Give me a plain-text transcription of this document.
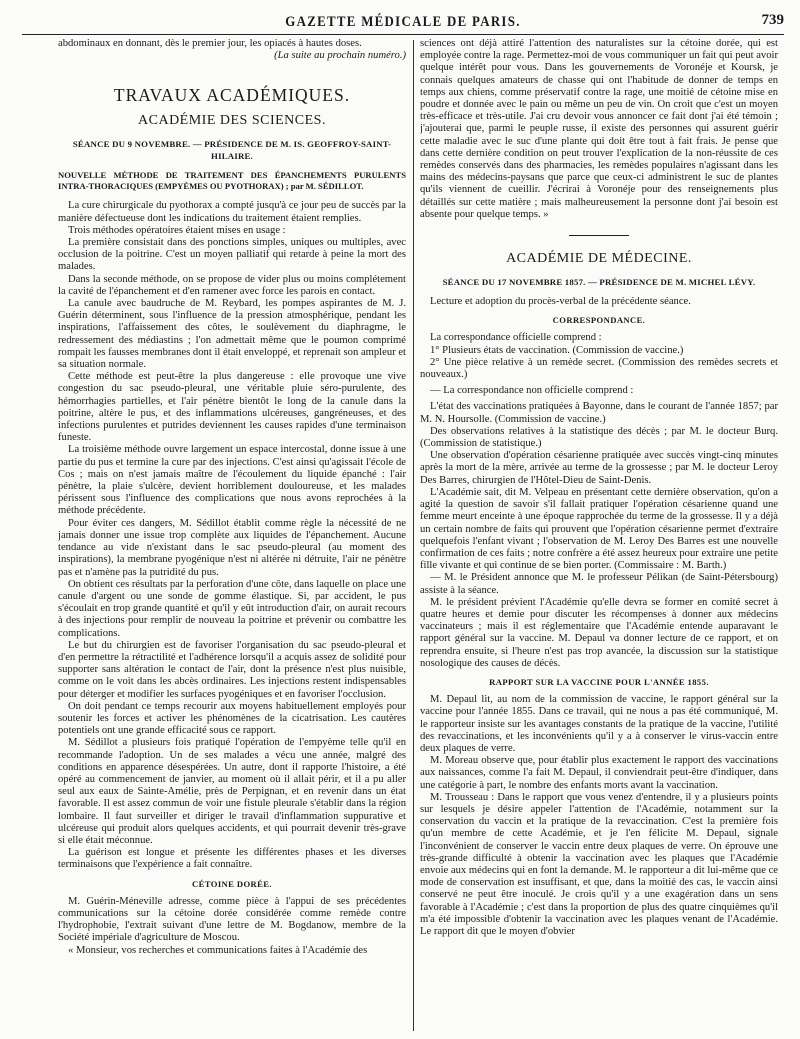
GAZETTE MÉDICALE DE PARIS.	739

abdominaux en donnant, dès le premier jour, les opiacés à hautes doses.

(La suite au prochain numéro.)

TRAVAUX ACADÉMIQUES.
ACADÉMIE DES SCIENCES.
SÉANCE DU 9 NOVEMBRE. — PRÉSIDENCE DE M. IS. GEOFFROY-SAINT-HILAIRE.
NOUVELLE MÉTHODE DE TRAITEMENT DES ÉPANCHEMENTS PURULENTS INTRA-THORACIQUES (EMPYÈMES OU PYOTHORAX) ; par M. SÉDILLOT.

La cure chirurgicale du pyothorax a compté jusqu'à ce jour peu de succès par la manière défectueuse dont les indications du traitement étaient remplies.

Trois méthodes opératoires étaient mises en usage :

La première consistait dans des ponctions simples, uniques ou multiples, avec occlusion de la poitrine. C'est un moyen palliatif qui retarde à peine la mort des malades.

Dans la seconde méthode, on se propose de vider plus ou moins complétement la cavité de l'épanchement et d'en ramener avec force les parois en contact.

La canule avec baudruche de M. Reybard, les pompes aspirantes de M. J. Guérin déterminent, sous l'influence de la pression atmosphérique, pendant les inspirations, l'affaissement des côtes, le soulèvement du diaphragme, le redressement des médiastins ; l'on admettait même que le poumon comprimé rompait les fausses membranes dont il était enveloppé, et reprenait son ampleur et sa situation normale.

Cette méthode est peut-être la plus dangereuse : elle provoque une vive congestion du sac pseudo-pleural, une véritable pluie séro-purulente, des hémorrhagies partielles, et l'air pénètre bientôt le long de la canule dans la poitrine, altère le pus, et des inflammations ulcéreuses, gangréneuses, et des infections purulentes et putrides deviennent les causes rapides d'une terminaison funeste.

La troisième méthode ouvre largement un espace intercostal, donne issue à une partie du pus et termine la cure par des injections. C'est ainsi qu'agissait l'école de Cos ; mais on n'est jamais maître de l'écoulement du liquide épanché : l'air pénètre, la plaie s'ulcère, devient horriblement douloureuse, et les malades périssent sous l'influence des complications que nous avons reprochées à la méthode précédente.

Pour éviter ces dangers, M. Sédillot établit comme règle la nécessité de ne jamais donner une issue trop complète aux liquides de l'épanchement. Aucune tendance au vide n'existant dans le sac pseudo-pleural (au moment des inspirations), la membrane pyogénique n'est ni altérée ni détruite, l'air ne pénètre pas et n'amène pas la putridité du pus.

On obtient ces résultats par la perforation d'une côte, dans laquelle on place une canule d'argent ou une sonde de gomme élastique. Si, par accident, le pus s'écoulait en trop grande quantité et qu'il y eût introduction d'air, on aurait recours à des injections pour remplir de nouveau la poitrine et prévenir ou combattre les complications.

Le but du chirurgien est de favoriser l'organisation du sac pseudo-pleural et d'en permettre la rétractilité et l'adhérence lorsqu'il a acquis assez de solidité pour supporter sans altération le contact de l'air, dont la présence n'est plus nuisible, comme on le voit dans les abcès ordinaires. Les injections restent indispensables pour déterger et modifier les surfaces pyogéniques et en favoriser l'occlusion.

On doit pendant ce temps recourir aux moyens habituellement employés pour soutenir les forces et activer les phénomènes de la cicatrisation. Les cautères potentiels ont une grande efficacité sous ce rapport.

M. Sédillot a plusieurs fois pratiqué l'opération de l'empyème telle qu'il en recommande l'adoption. Un de ses malades a vécu une année, malgré des conditions en apparence désespérées. Un autre, dont il rapporte l'histoire, a été opéré au commencement de janvier, au moment où il allait périr, et il a pu aller seul aux eaux de Sainte-Amélie, près de Perpignan, et en revenir dans un état favorable. Il est assez commun de voir une fistule pleurale s'établir dans la région lombaire. Il faut surveiller et diriger le travail d'inflammation suppurative et ulcéreuse qui produit alors quelques accidents, et qui pourrait devenir très-grave si elle était méconnue.

La guérison est longue et présente les différentes phases et les diverses terminaisons que l'expérience a fait connaître.

CÉTOINE DORÉE.

M. Guérin-Méneville adresse, comme pièce à l'appui de ses précédentes communications sur la cétoine dorée considérée comme remède contre l'hydrophobie, l'extrait suivant d'une lettre de M. Bogdanow, membre de la Société impériale d'agriculture de Moscou.

« Monsieur, vos recherches et communications faites à l'Académie des

sciences ont déjà attiré l'attention des naturalistes sur la cétoine dorée, qui est employée contre la rage. Permettez-moi de vous communiquer un fait qui peut avoir quelque intérêt pour vous. Dans les gouvernements de Voronéje et Koursk, je connais quelques amateurs de chasse qui ont l'habitude de donner de temps en temps aux chiens, comme préservatif contre la rage, une moitié de cétoine mise en poudre et donnée avec le pain ou même un peu de vin. On croit que c'est un moyen très-efficace et très-utile. J'ai cru devoir vous annoncer ce fait dont j'ai été témoin ; j'ajouterai que, parmi le peuple russe, il existe des personnes qui assurent guérir cette maladie avec le suc d'une plante qui doit être tout à fait frais. Je pense que dans cette dernière condition on peut trouver l'explication de la non-réussite de ces remèdes conservés dans des pharmacies, les remèdes populaires n'agissant dans les mains des médecins-paysans que parce que ceux-ci administrent le suc de plantes qu'ils viennent de cueillir. J'écrirai à Voronéje pour des renseignements plus détaillés sur cette matière ; mais malheureusement la personne dont j'ai besoin est absente pour quelque temps. »

ACADÉMIE DE MÉDECINE.
SÉANCE DU 17 NOVEMBRE 1857. — PRÉSIDENCE DE M. MICHEL LÉVY.

Lecture et adoption du procès-verbal de la précédente séance.

CORRESPONDANCE.

La correspondance officielle comprend :

1° Plusieurs états de vaccination. (Commission de vaccine.)

2° Une pièce relative à un remède secret. (Commission des remèdes secrets et nouveaux.)

— La correspondance non officielle comprend :

L'état des vaccinations pratiquées à Bayonne, dans le courant de l'année 1857; par M. N. Hoursolle. (Commission de vaccine.)

Des observations relatives à la statistique des décès ; par M. le docteur Burq. (Commission de statistique.)

Une observation d'opération césarienne pratiquée avec succès vingt-cinq minutes après la mort de la mère, arrivée au terme de la grossesse ; par M. le docteur Leroy Des Barres, chirurgien de l'Hôtel-Dieu de Saint-Denis.

L'Académie sait, dit M. Velpeau en présentant cette dernière observation, qu'on a agité la question de savoir s'il fallait pratiquer l'opération césarienne quand une femme meurt enceinte à une époque rapprochée du terme de la grossesse. Il y a déjà un certain nombre de faits qui prouvent que l'opération césarienne permet d'extraire quelquefois l'enfant vivant ; l'observation de M. Leroy Des Barres est une nouvelle confirmation de ces faits ; notre confrère a été assez heureux pour extraire une petite fille vivante et qui continue de se bien porter. (Commissaire : M. Barth.)

— M. le Président annonce que M. le professeur Pélikan (de Saint-Pétersbourg) assiste à la séance.

M. le président prévient l'Académie qu'elle devra se former en comité secret à quatre heures et demie pour discuter les récompenses à donner aux médecins vaccinateurs ; mais il est réglementaire que l'Académie entende auparavant le rapport général sur la vaccine. M. Depaul va donner lecture de ce rapport, et on reprendra ensuite, si l'heure n'est pas trop avancée, la discussion sur la statistique nosologique des causes de décès.

RAPPORT SUR LA VACCINE POUR L'ANNÉE 1855.

M. Depaul lit, au nom de la commission de vaccine, le rapport général sur la vaccine pour l'année 1855. Dans ce travail, qui ne nous a pas été communiqué, M. le rapporteur insiste sur les avantages constants de la pratique de la vaccine, l'utilité des revaccinations, et les inconvénients qu'il y a à conserver le virus-vaccin entre deux plaques de verre.

M. Moreau observe que, pour établir plus exactement le rapport des vaccinations aux naissances, comme l'a fait M. Depaul, il conviendrait peut-être d'indiquer, dans une catégorie à part, le nombre des enfants morts avant la vaccination.

M. Trousseau : Dans le rapport que vous venez d'entendre, il y a plusieurs points sur lesquels je désire appeler l'attention de l'Académie, notamment sur la conservation du vaccin et la pratique de la revaccination. C'est la première fois qu'un membre de cette Académie, et je l'en félicite M. Depaul, signale l'inconvénient de conserver le vaccin entre deux plaques de verre. On éprouve une très-grande difficulté à obtenir la vaccination avec les plaques que l'Académie envoie aux médecins qui en font la demande. M. le rapporteur a dit lui-même que ce mode de conservation est insuffisant, et que, dans la moitié des cas, le vaccin ainsi conservé ne peut être inoculé. Je crois qu'il y a une exagération dans un sens favorable à l'Académie ; c'est dans la proportion de plus des quatre cinquièmes qu'il m'a été impossible d'obtenir la vaccination avec les plaques venant de l'Académie. Le rapport dit que le moyen d'obvier
